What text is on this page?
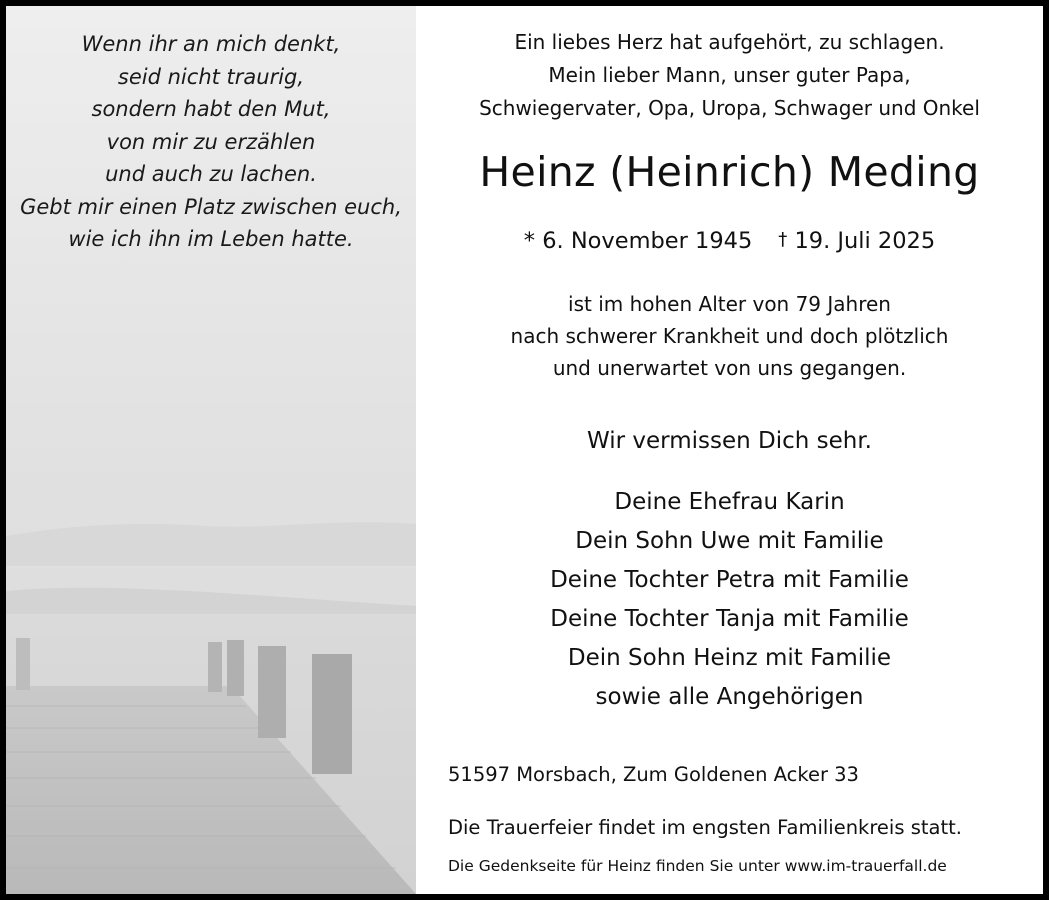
Wenn ihr an mich denkt,
seid nicht traurig,
sondern habt den Mut,
von mir zu erzählen
und auch zu lachen.
Gebt mir einen Platz zwischen euch,
wie ich ihn im Leben hatte.
Ein liebes Herz hat aufgehört, zu schlagen.
Mein lieber Mann, unser guter Papa,
Schwiegervater, Opa, Uropa, Schwager und Onkel
Heinz (Heinrich) Meding
* 6. November 1945 † 19. Juli 2025
ist im hohen Alter von 79 Jahren
nach schwerer Krankheit und doch plötzlich
und unerwartet von uns gegangen.
Wir vermissen Dich sehr.
Deine Ehefrau Karin
Dein Sohn Uwe mit Familie
Deine Tochter Petra mit Familie
Deine Tochter Tanja mit Familie
Dein Sohn Heinz mit Familie
sowie alle Angehörigen
51597 Morsbach, Zum Goldenen Acker 33
Die Trauerfeier findet im engsten Familienkreis statt.
Die Gedenkseite für Heinz finden Sie unter www.im-trauerfall.de
